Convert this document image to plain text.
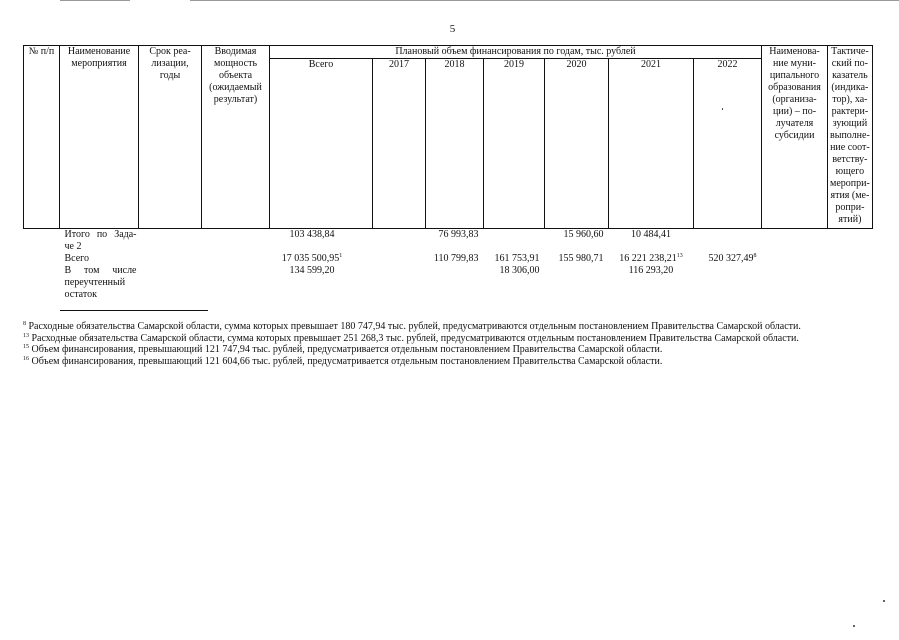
5
№ п/п	Наименование мероприятия	Срок реа-лизации, годы	Вводимая мощность объекта (ожидаемый результат)	Плановый объем финансирования по годам, тыс. рублей							Наименова-ние муни-ципального образования (организа-ции) – по-лучателя субсидии	Тактиче-ский по-казатель (индика-тор), ха-рактери-зующий выполне-ние соот-ветству-ющего меропри-ятия (ме-ропри-ятий)
				Всего	2017	2018	2019	2020	2021	2022		

	Итого по Зада-че 2			103 438,84		76 993,83		15 960,60	10 484,41			
	Всего			17 035 500,95$^1$		110 799,83	161 753,91	155 980,71	16 221 238,21$^{13}$	520 327,49$^8$		
	В том числе переучтенный остаток			134 599,20			18 306,00		116 293,20			
$^8$ Расходные обязательства Самарской области, сумма которых превышает 180 747,94 тыс. рублей, предусматриваются отдельным постановлением Правительства Самарской области.
$^{13}$ Расходные обязательства Самарской области, сумма которых превышает 251 268,3 тыс. рублей, предусматриваются отдельным постановлением Правительства Самарской области.
$^{15}$ Объем финансирования, превышающий 121 747,94 тыс. рублей, предусматривается отдельным постановлением Правительства Самарской области.
$^{16}$ Объем финансирования, превышающий 121 604,66 тыс. рублей, предусматривается отдельным постановлением Правительства Самарской области.
